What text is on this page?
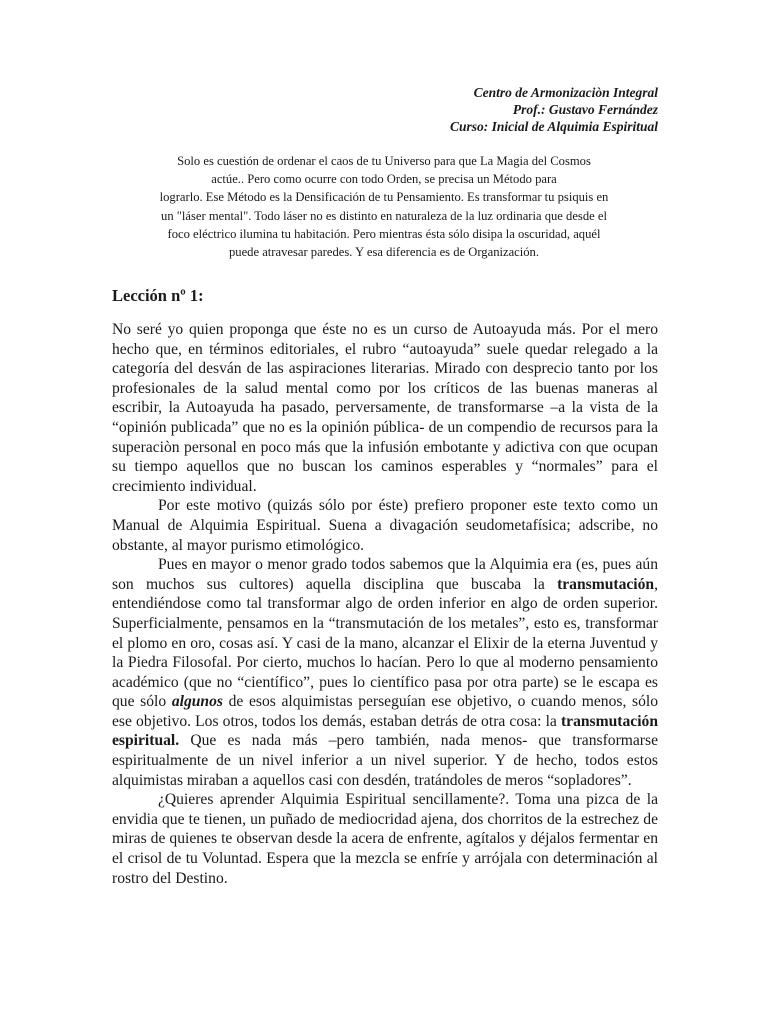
Centro de Armonizaciòn Integral
Prof.: Gustavo Fernández
Curso: Inicial de Alquimia Espiritual
Solo es cuestión de ordenar el caos de tu Universo para que La Magia del Cosmos
actúe.. Pero como ocurre con todo Orden, se precisa un Método para
lograrlo. Ese Método es la Densificación de tu Pensamiento. Es transformar tu psiquis en
un "láser mental". Todo láser no es distinto en naturaleza de la luz ordinaria que desde el
foco eléctrico ilumina tu habitación. Pero mientras ésta sólo disipa la oscuridad, aquél
puede atravesar paredes. Y esa diferencia es de Organización.
Lección nº 1:

No seré yo quien proponga que éste no es un curso de Autoayuda más. Por el mero hecho que, en términos editoriales, el rubro “autoayuda” suele quedar relegado a la categoría del desván de las aspiraciones literarias. Mirado con desprecio tanto por los profesionales de la salud mental como por los críticos de las buenas maneras al escribir, la Autoayuda ha pasado, perversamente, de transformarse –a la vista de la “opinión publicada” que no es la opinión pública- de un compendio de recursos para la superaciòn personal en poco más que la infusión embotante y adictiva con que ocupan su tiempo aquellos que no buscan los caminos esperables y “normales” para el crecimiento individual.

Por este motivo (quizás sólo por éste) prefiero proponer este texto como un Manual de Alquimia Espiritual. Suena a divagación seudometafísica; adscribe, no obstante, al mayor purismo etimológico.

Pues en mayor o menor grado todos sabemos que la Alquimia era (es, pues aún son muchos sus cultores) aquella disciplina que buscaba la transmutación, entendiéndose como tal transformar algo de orden inferior en algo de orden superior. Superficialmente, pensamos en la “transmutación de los metales”, esto es, transformar el plomo en oro, cosas así. Y casi de la mano, alcanzar el Elixir de la eterna Juventud y la Piedra Filosofal. Por cierto, muchos lo hacían. Pero lo que al moderno pensamiento académico (que no “científico”, pues lo científico pasa por otra parte) se le escapa es que sólo algunos de esos alquimistas perseguían ese objetivo, o cuando menos, sólo ese objetivo. Los otros, todos los demás, estaban detrás de otra cosa: la transmutación espiritual. Que es nada más –pero también, nada menos- que transformarse espiritualmente de un nivel inferior a un nivel superior. Y de hecho, todos estos alquimistas miraban a aquellos casi con desdén, tratándoles de meros “sopladores”.

¿Quieres aprender Alquimia Espiritual sencillamente?. Toma una pizca de la envidia que te tienen, un puñado de mediocridad ajena, dos chorritos de la estrechez de miras de quienes te observan desde la acera de enfrente, agítalos y déjalos fermentar en el crisol de tu Voluntad. Espera que la mezcla se enfríe y arrójala con determinación al rostro del Destino.
